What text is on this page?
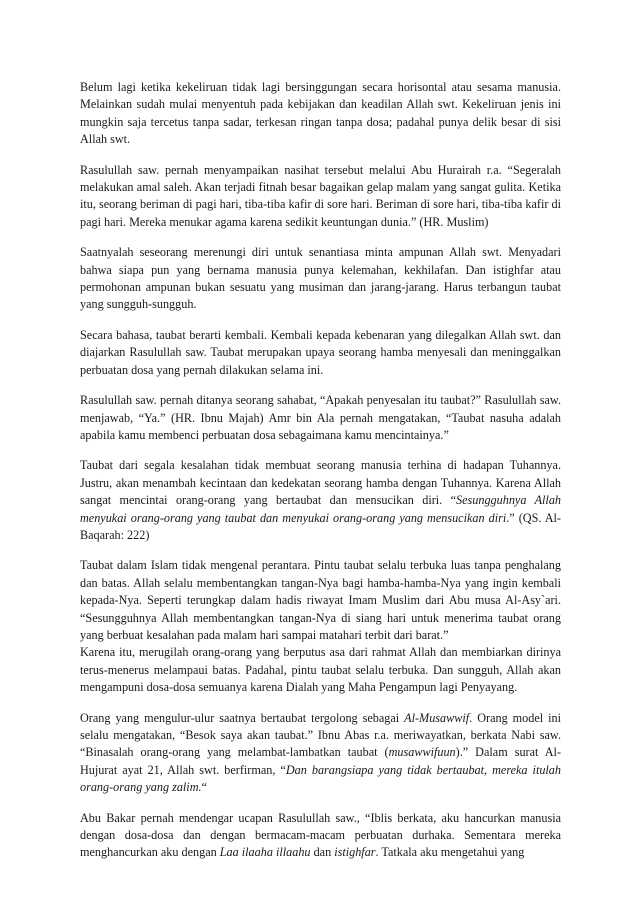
Belum lagi ketika kekeliruan tidak lagi bersinggungan secara horisontal atau sesama manusia. Melainkan sudah mulai menyentuh pada kebijakan dan keadilan Allah swt. Kekeliruan jenis ini mungkin saja tercetus tanpa sadar, terkesan ringan tanpa dosa; padahal punya delik besar di sisi Allah swt.

Rasulullah saw. pernah menyampaikan nasihat tersebut melalui Abu Hurairah r.a. “Segeralah melakukan amal saleh. Akan terjadi fitnah besar bagaikan gelap malam yang sangat gulita. Ketika itu, seorang beriman di pagi hari, tiba-tiba kafir di sore hari. Beriman di sore hari, tiba-tiba kafir di pagi hari. Mereka menukar agama karena sedikit keuntungan dunia.” (HR. Muslim)

Saatnyalah seseorang merenungi diri untuk senantiasa minta ampunan Allah swt. Menyadari bahwa siapa pun yang bernama manusia punya kelemahan, kekhilafan. Dan istighfar atau permohonan ampunan bukan sesuatu yang musiman dan jarang-jarang. Harus terbangun taubat yang sungguh-sungguh.

Secara bahasa, taubat berarti kembali. Kembali kepada kebenaran yang dilegalkan Allah swt. dan diajarkan Rasulullah saw. Taubat merupakan upaya seorang hamba menyesali dan meninggalkan perbuatan dosa yang pernah dilakukan selama ini.

Rasulullah saw. pernah ditanya seorang sahabat, “Apakah penyesalan itu taubat?” Rasulullah saw. menjawab, “Ya.” (HR. Ibnu Majah) Amr bin Ala pernah mengatakan, “Taubat nasuha adalah apabila kamu membenci perbuatan dosa sebagaimana kamu mencintainya.”

Taubat dari segala kesalahan tidak membuat seorang manusia terhina di hadapan Tuhannya. Justru, akan menambah kecintaan dan kedekatan seorang hamba dengan Tuhannya. Karena Allah sangat mencintai orang-orang yang bertaubat dan mensucikan diri. “Sesungguhnya Allah menyukai orang-orang yang taubat dan menyukai orang-orang yang mensucikan diri.” (QS. Al-Baqarah: 222)

Taubat dalam Islam tidak mengenal perantara. Pintu taubat selalu terbuka luas tanpa penghalang dan batas. Allah selalu membentangkan tangan-Nya bagi hamba-hamba-Nya yang ingin kembali kepada-Nya. Seperti terungkap dalam hadis riwayat Imam Muslim dari Abu musa Al-Asy`ari. “Sesungguhnya Allah membentangkan tangan-Nya di siang hari untuk menerima taubat orang yang berbuat kesalahan pada malam hari sampai matahari terbit dari barat.”

Karena itu, merugilah orang-orang yang berputus asa dari rahmat Allah dan membiarkan dirinya terus-menerus melampaui batas. Padahal, pintu taubat selalu terbuka. Dan sungguh, Allah akan mengampuni dosa-dosa semuanya karena Dialah yang Maha Pengampun lagi Penyayang.

Orang yang mengulur-ulur saatnya bertaubat tergolong sebagai Al-Musawwif. Orang model ini selalu mengatakan, “Besok saya akan taubat.” Ibnu Abas r.a. meriwayatkan, berkata Nabi saw. “Binasalah orang-orang yang melambat-lambatkan taubat (musawwifuun).” Dalam surat Al-Hujurat ayat 21, Allah swt. berfirman, “Dan barangsiapa yang tidak bertaubat, mereka itulah orang-orang yang zalim.“

Abu Bakar pernah mendengar ucapan Rasulullah saw., “Iblis berkata, aku hancurkan manusia dengan dosa-dosa dan dengan bermacam-macam perbuatan durhaka. Sementara mereka menghancurkan aku dengan Laa ilaaha illaahu dan istighfar. Tatkala aku mengetahui yang
